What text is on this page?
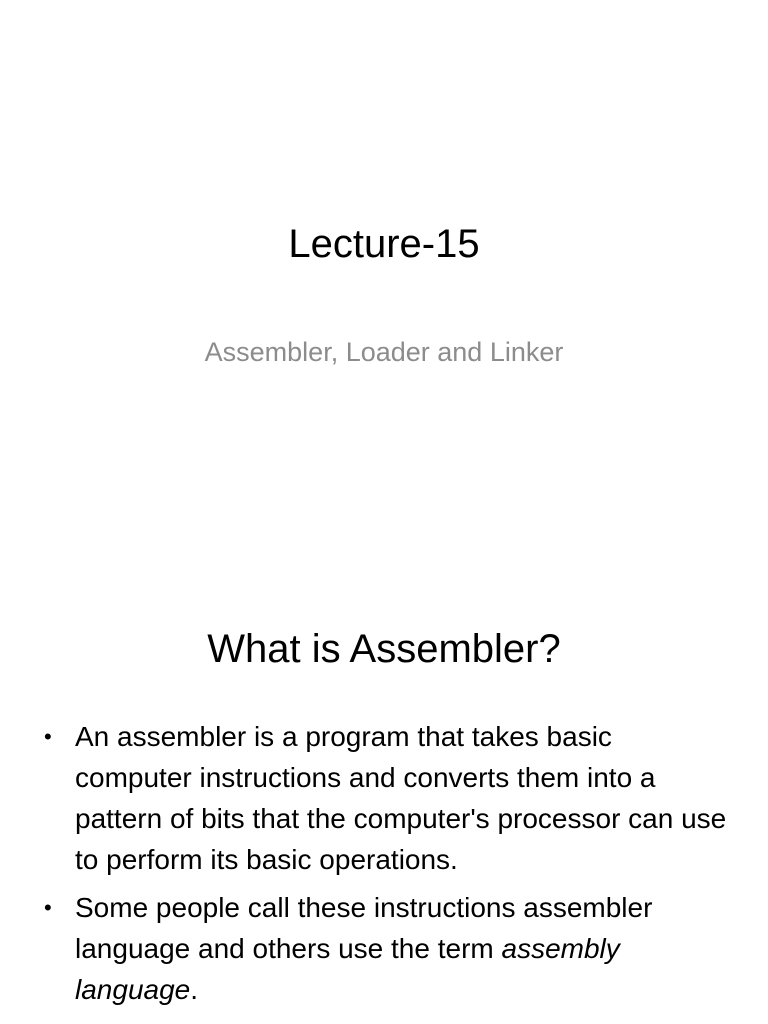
Lecture-15
Assembler, Loader and Linker
What is Assembler?
• An assembler is a program that takes basic computer instructions and converts them into a pattern of bits that the computer's processor can use to perform its basic operations.
• Some people call these instructions assembler language and others use the term assembly language.
